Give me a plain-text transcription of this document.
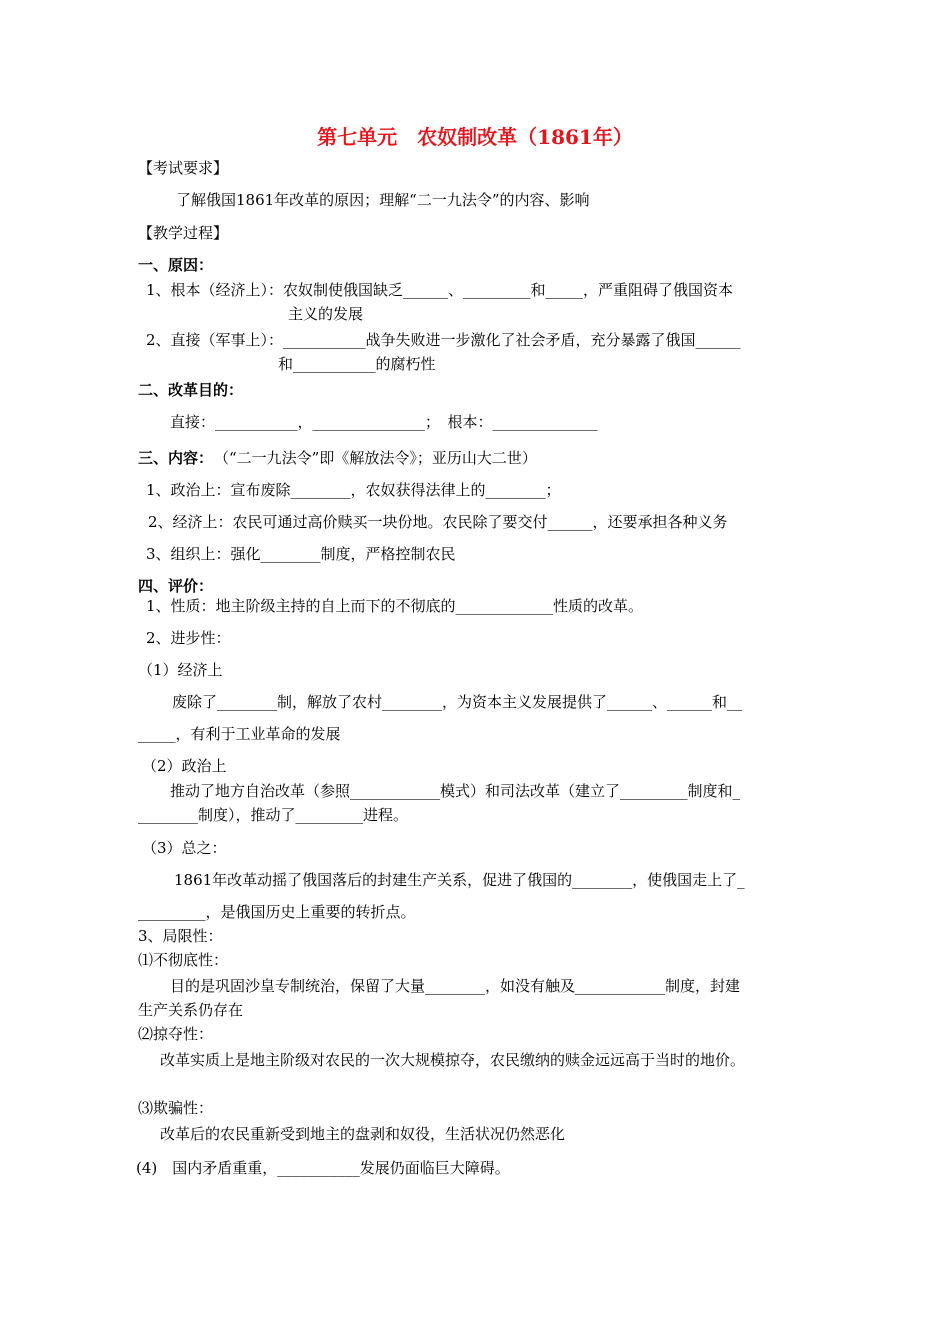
第七单元　农奴制改革（1861年）
【考试要求】
了解俄国1861年改革的原因；理解“二一九法令”的内容、影响
【教学过程】
一、原因：
1、根本（经济上）：农奴制使俄国缺乏______、_________和_____，严重阻碍了俄国资本
主义的发展
2、直接（军事上）：___________战争失败进一步激化了社会矛盾，充分暴露了俄国______
和___________的腐朽性
二、改革目的：
直接：___________，_______________；　根本：______________
三、内容： （“二一九法令”即《解放法令》；亚历山大二世）
1、政治上：宣布废除________，农奴获得法律上的________；
2、经济上：农民可通过高价赎买一块份地。农民除了要交付______，还要承担各种义务
3、组织上：强化________制度，严格控制农民
四、评价：
1、性质：地主阶级主持的自上而下的不彻底的_____________性质的改革。
2、进步性：
（1）经济上
废除了________制，解放了农村________，为资本主义发展提供了______、______和__
_____，有利于工业革命的发展
（2）政治上
推动了地方自治改革（参照____________模式）和司法改革（建立了_________制度和_
________制度），推动了_________进程。
（3）总之：
1861年改革动摇了俄国落后的封建生产关系，促进了俄国的________，使俄国走上了_
_________，是俄国历史上重要的转折点。
3、局限性：
⑴不彻底性：
目的是巩固沙皇专制统治，保留了大量________，如没有触及____________制度，封建
生产关系仍存在
⑵掠夺性：
改革实质上是地主阶级对农民的一次大规模掠夺，农民缴纳的赎金远远高于当时的地价。
⑶欺骗性：
改革后的农民重新受到地主的盘剥和奴役，生活状况仍然恶化
(4)　国内矛盾重重，___________发展仍面临巨大障碍。
